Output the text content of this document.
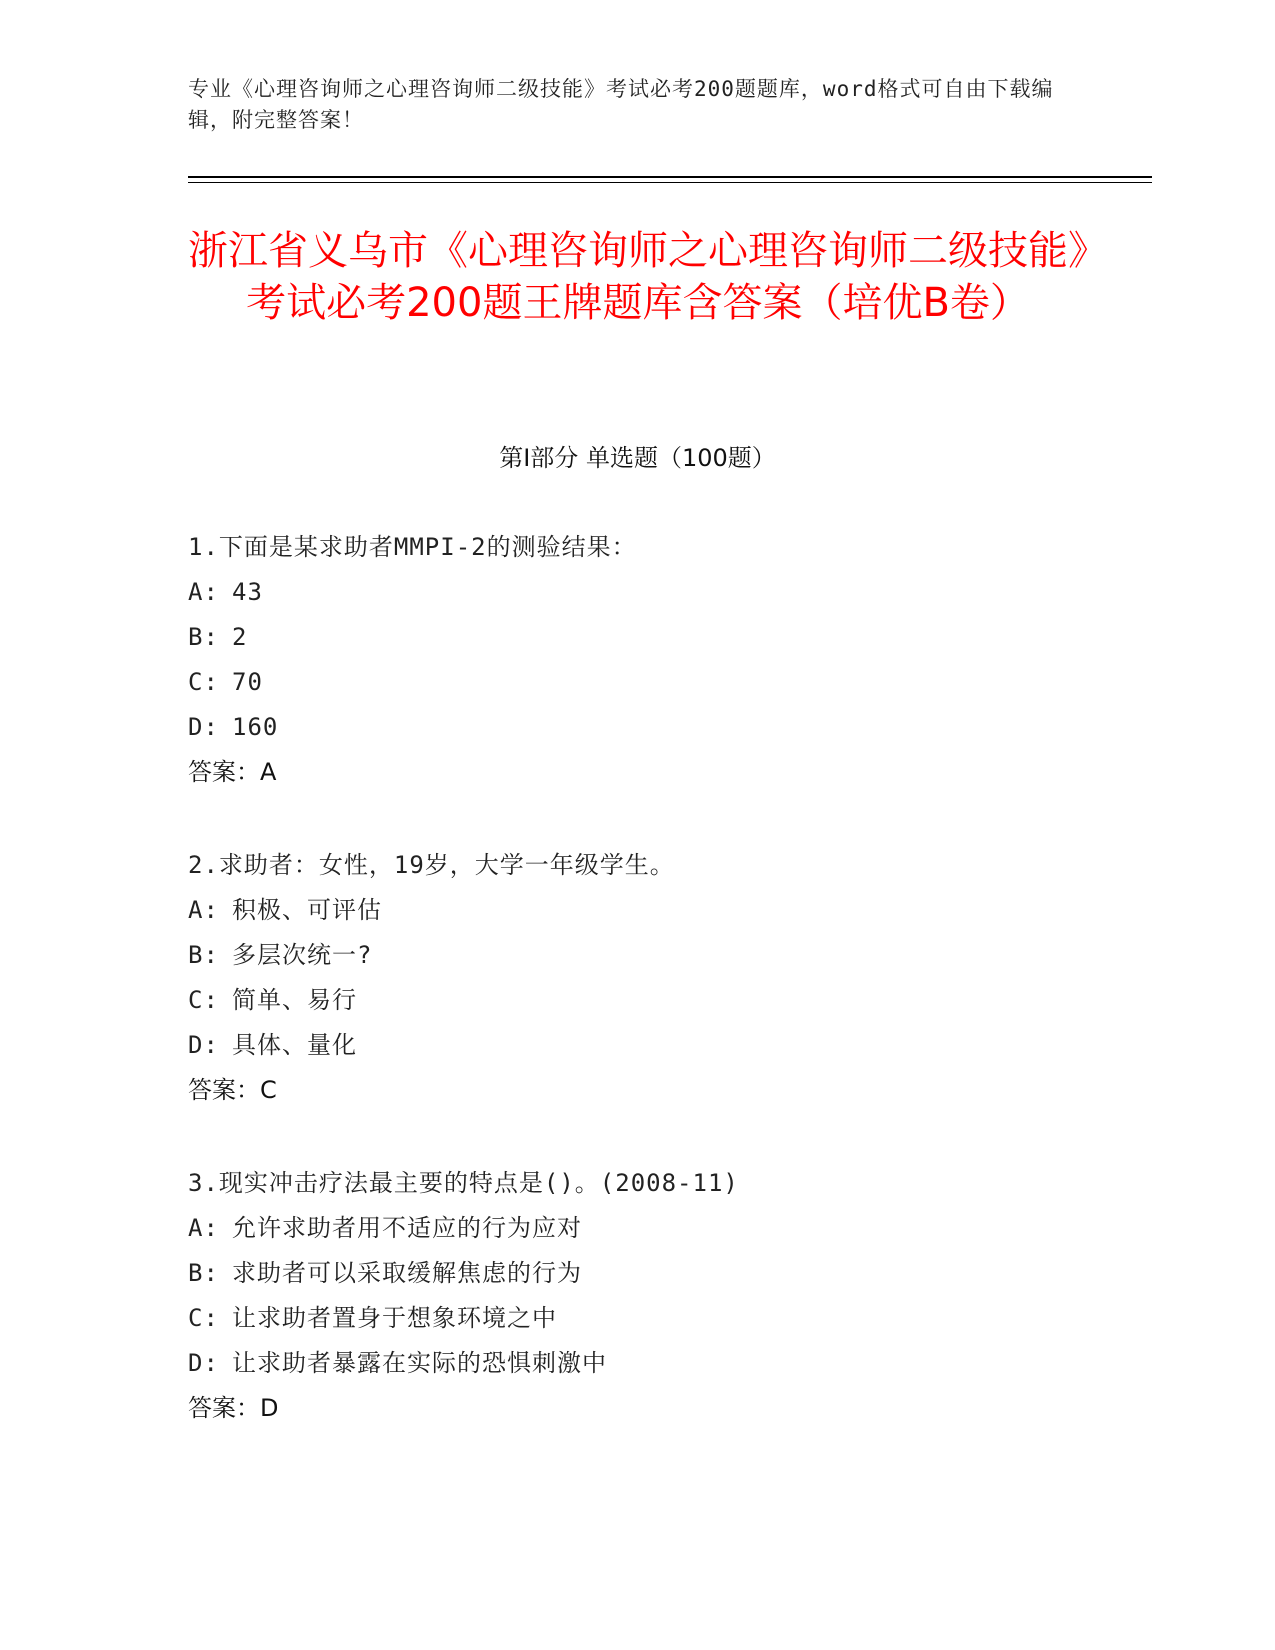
专业《心理咨询师之心理咨询师二级技能》考试必考200题题库，word格式可自由下载编辑，附完整答案！
浙江省义乌市《心理咨询师之心理咨询师二级技能》考试必考200题王牌题库含答案（培优B卷）
第Ⅰ部分 单选题（100题）
1.下面是某求助者MMPI-2的测验结果：
A: 43
B: 2
C: 70
D: 160
答案：A
2.求助者：女性，19岁，大学一年级学生。
A: 积极、可评估
B: 多层次统一?
C: 简单、易行
D: 具体、量化
答案：C
3.现实冲击疗法最主要的特点是()。(2008-11)
A: 允许求助者用不适应的行为应对
B: 求助者可以采取缓解焦虑的行为
C: 让求助者置身于想象环境之中
D: 让求助者暴露在实际的恐惧刺激中
答案：D
